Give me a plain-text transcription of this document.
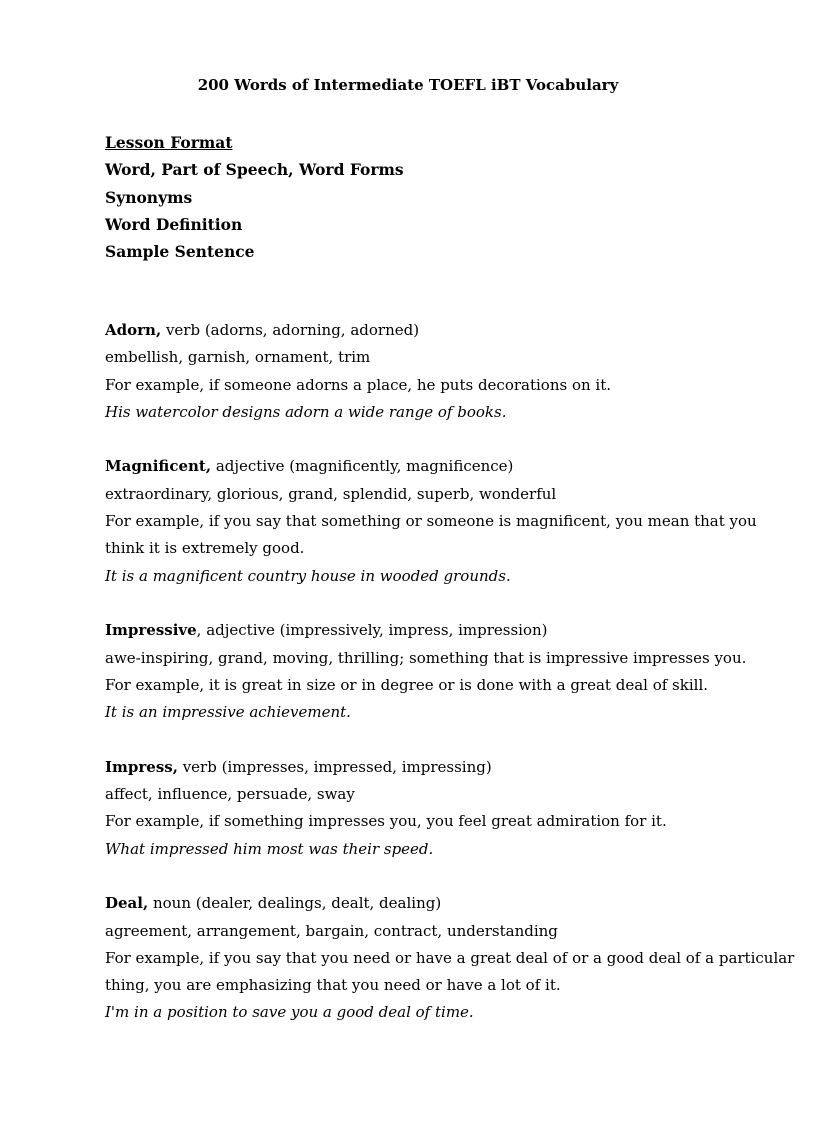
200 Words of Intermediate TOEFL iBT Vocabulary
Lesson Format
Word, Part of Speech, Word Forms
Synonyms
Word Definition
Sample Sentence
Adorn, verb (adorns, adorning, adorned)
embellish, garnish, ornament, trim
For example, if someone adorns a place, he puts decorations on it.
His watercolor designs adorn a wide range of books.
Magnificent, adjective (magnificently, magnificence)
extraordinary, glorious, grand, splendid, superb, wonderful
For example, if you say that something or someone is magnificent, you mean that you
think it is extremely good.
It is a magnificent country house in wooded grounds.
Impressive, adjective (impressively, impress, impression)
awe-inspiring, grand, moving, thrilling; something that is impressive impresses you.
For example, it is great in size or in degree or is done with a great deal of skill.
It is an impressive achievement.
Impress, verb (impresses, impressed, impressing)
affect, influence, persuade, sway
For example, if something impresses you, you feel great admiration for it.
What impressed him most was their speed.
Deal, noun (dealer, dealings, dealt, dealing)
agreement, arrangement, bargain, contract, understanding
For example, if you say that you need or have a great deal of or a good deal of a particular
thing, you are emphasizing that you need or have a lot of it.
I'm in a position to save you a good deal of time.
